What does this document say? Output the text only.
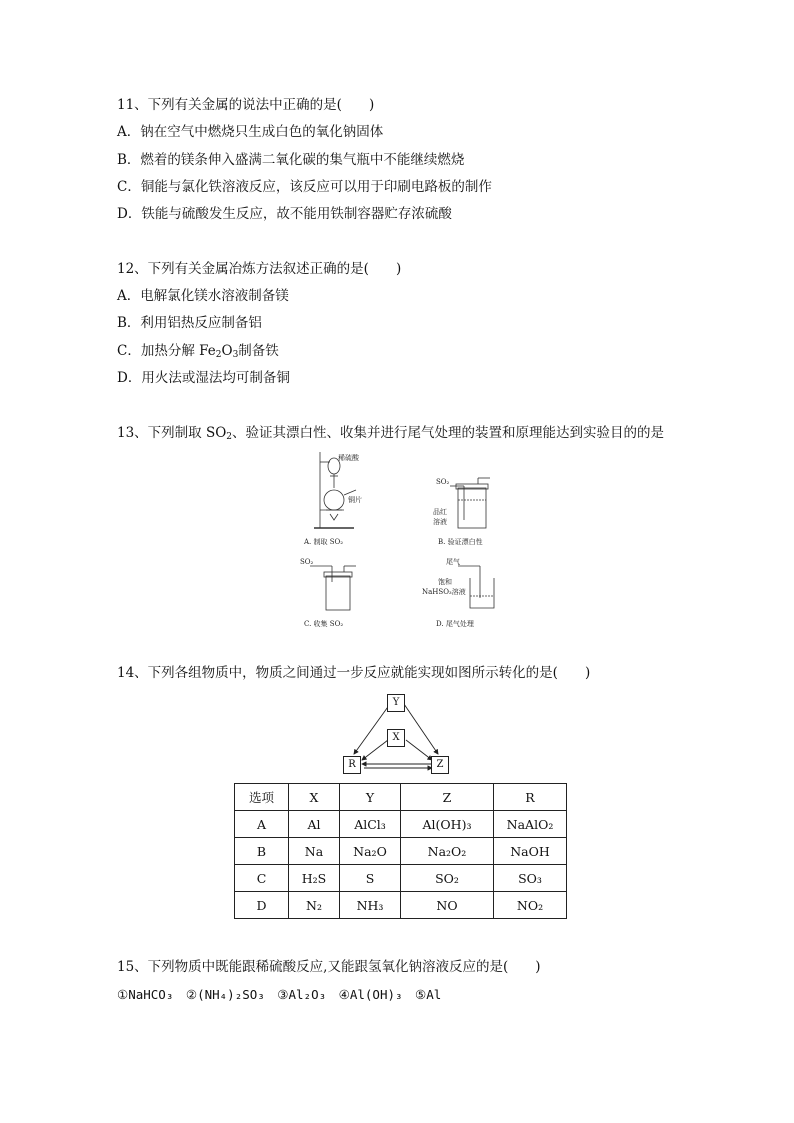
11、下列有关金属的说法中正确的是(　　)
A．钠在空气中燃烧只生成白色的氧化钠固体
B．燃着的镁条伸入盛满二氧化碳的集气瓶中不能继续燃烧
C．铜能与氯化铁溶液反应，该反应可以用于印刷电路板的制作
D．铁能与硫酸发生反应，故不能用铁制容器贮存浓硫酸
12、下列有关金属冶炼方法叙述正确的是(　　)
A．电解氯化镁水溶液制备镁
B．利用铝热反应制备铝
C．加热分解 $Fe_2O_3$制备铁
D．用火法或湿法均可制备铜
13、下列制取 $SO_2$、验证其漂白性、收集并进行尾气处理的装置和原理能达到实验目的的是
稀硫酸
铜片
A. 制取 SO₂
SO₂
品红
溶液
B. 验证漂白性
SO₂
C. 收集 SO₂
尾气
饱和
NaHSO₃溶液
D. 尾气处理
14、下列各组物质中，物质之间通过一步反应就能实现如图所示转化的是(　　)
Y
X
R	Z
选项	X	Y	Z	R
A	Al	AlCl₃	Al(OH)₃	NaAlO₂
B	Na	Na₂O	Na₂O₂	NaOH
C	H₂S	S	SO₂	SO₃
D	N₂	NH₃	NO	NO₂
15、下列物质中既能跟稀硫酸反应,又能跟氢氧化钠溶液反应的是(　　)
①NaHCO₃　②(NH₄)₂SO₃　③Al₂O₃　④Al(OH)₃　⑤Al
